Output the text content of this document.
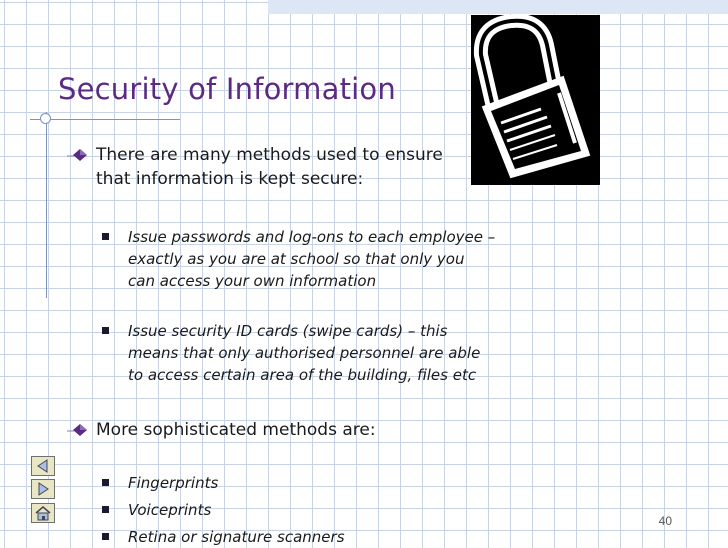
Security of Information
There are many methods used to ensure
that information is kept secure:
Issue passwords and log-ons to each employee –
exactly as you are at school so that only you
can access your own information
Issue security ID cards (swipe cards) – this
means that only authorised personnel are able
to access certain area of the building, files etc
More sophisticated methods are:
Fingerprints
Voiceprints
Retina or signature scanners
40
